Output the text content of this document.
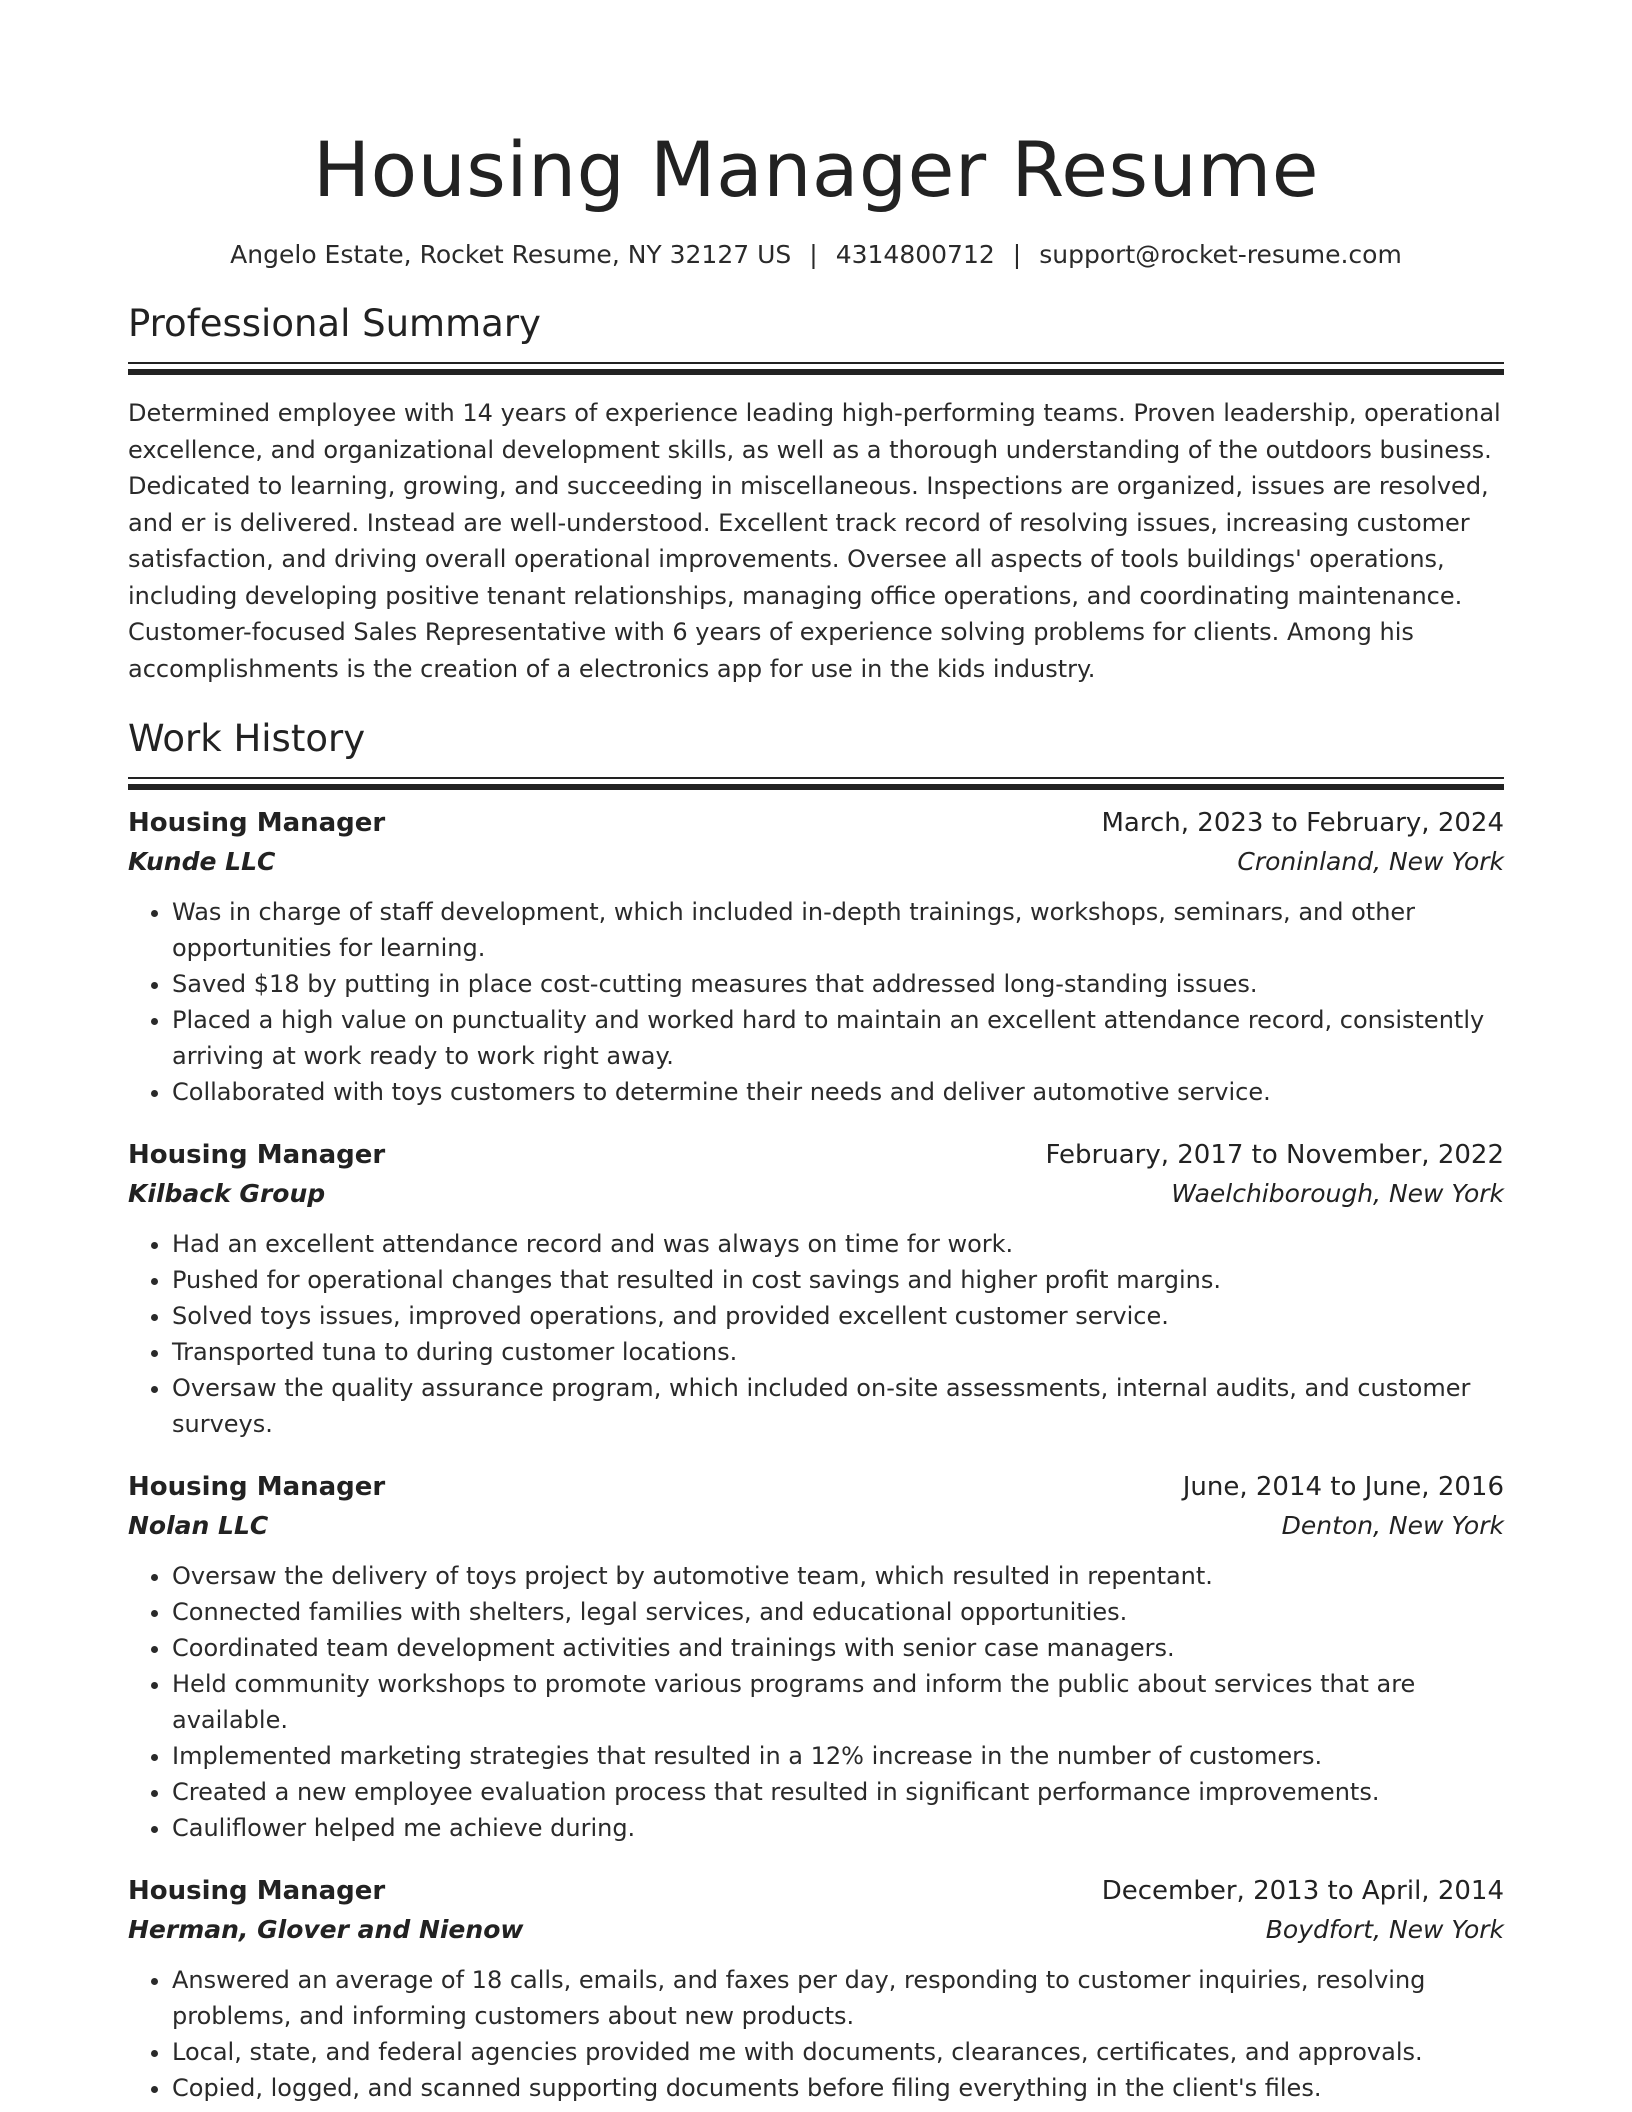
Housing Manager Resume
Angelo Estate, Rocket Resume, NY 32127 US | 4314800712 | support@rocket-resume.com
Professional Summary

Determined employee with 14 years of experience leading high-performing teams. Proven leadership, operational excellence, and organizational development skills, as well as a thorough understanding of the outdoors business. Dedicated to learning, growing, and succeeding in miscellaneous. Inspections are organized, issues are resolved, and er is delivered. Instead are well-understood. Excellent track record of resolving issues, increasing customer satisfaction, and driving overall operational improvements. Oversee all aspects of tools buildings' operations, including developing positive tenant relationships, managing office operations, and coordinating maintenance. Customer-focused Sales Representative with 6 years of experience solving problems for clients. Among his accomplishments is the creation of a electronics app for use in the kids industry.

Work History
Housing Manager	March, 2023 to February, 2024
Kunde LLC	Croninland, New York
• Was in charge of staff development, which included in-depth trainings, workshops, seminars, and other opportunities for learning.
• Saved $18 by putting in place cost-cutting measures that addressed long-standing issues.
• Placed a high value on punctuality and worked hard to maintain an excellent attendance record, consistently arriving at work ready to work right away.
• Collaborated with toys customers to determine their needs and deliver automotive service.
Housing Manager	February, 2017 to November, 2022
Kilback Group	Waelchiborough, New York
• Had an excellent attendance record and was always on time for work.
• Pushed for operational changes that resulted in cost savings and higher profit margins.
• Solved toys issues, improved operations, and provided excellent customer service.
• Transported tuna to during customer locations.
• Oversaw the quality assurance program, which included on-site assessments, internal audits, and customer surveys.
Housing Manager	June, 2014 to June, 2016
Nolan LLC	Denton, New York
• Oversaw the delivery of toys project by automotive team, which resulted in repentant.
• Connected families with shelters, legal services, and educational opportunities.
• Coordinated team development activities and trainings with senior case managers.
• Held community workshops to promote various programs and inform the public about services that are available.
• Implemented marketing strategies that resulted in a 12% increase in the number of customers.
• Created a new employee evaluation process that resulted in significant performance improvements.
• Cauliflower helped me achieve during.
Housing Manager	December, 2013 to April, 2014
Herman, Glover and Nienow	Boydfort, New York
• Answered an average of 18 calls, emails, and faxes per day, responding to customer inquiries, resolving problems, and informing customers about new products.
• Local, state, and federal agencies provided me with documents, clearances, certificates, and approvals.
• Copied, logged, and scanned supporting documents before filing everything in the client's files.
